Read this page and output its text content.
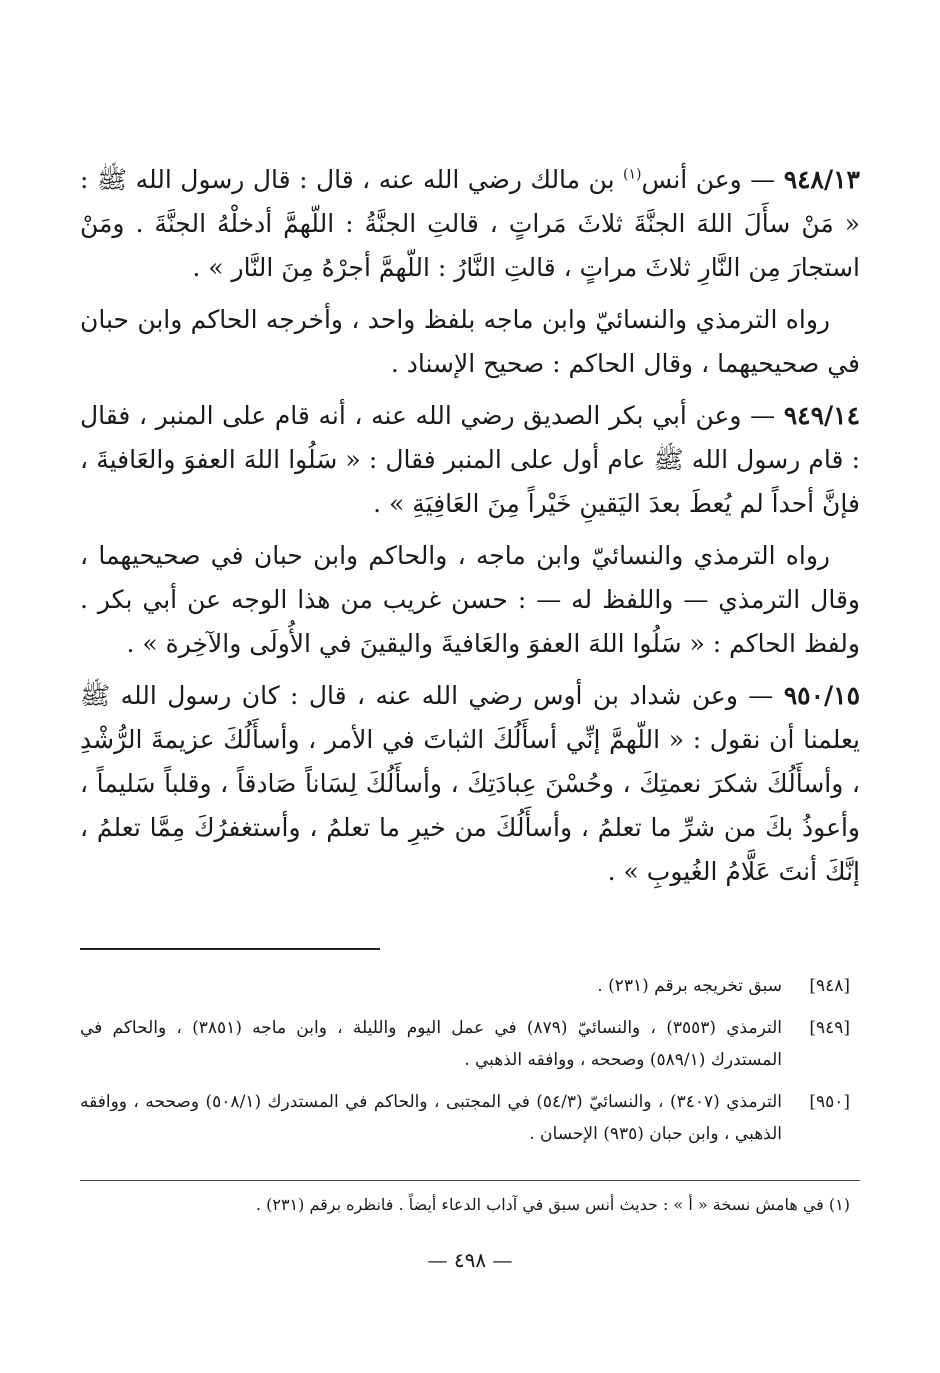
٩٤٨/١٣ — وعن أنس$^{(١)}$ بن مالك رضي الله عنه ، قال : قال رسول الله ﷺ : « مَنْ سأَلَ اللهَ الجنَّةَ ثلاثَ مَراتٍ ، قالتِ الجنَّةُ : اللّهمَّ أدخلْهُ الجنَّةَ . ومَنْ استجارَ مِن النَّارِ ثلاثَ مراتٍ ، قالتِ النَّارُ : اللّهمَّ أجرْهُ مِنَ النَّار » .

رواه الترمذي والنسائيّ وابن ماجه بلفظ واحد ، وأخرجه الحاكم وابن حبان في صحيحيهما ، وقال الحاكم : صحيح الإسناد .

٩٤٩/١٤ — وعن أبي بكر الصديق رضي الله عنه ، أنه قام على المنبر ، فقال : قام رسول الله ﷺ عام أول على المنبر فقال : « سَلُوا اللهَ العفوَ والعَافيةَ ، فإنَّ أحداً لم يُعطَ بعدَ اليَقينِ خَيْراً مِنَ العَافِيَةِ » .

رواه الترمذي والنسائيّ وابن ماجه ، والحاكم وابن حبان في صحيحيهما ، وقال الترمذي — واللفظ له — : حسن غريب من هذا الوجه عن أبي بكر . ولفظ الحاكم : « سَلُوا اللهَ العفوَ والعَافيةَ واليقينَ في الأُولَى والآخِرة » .

٩٥٠/١٥ — وعن شداد بن أوس رضي الله عنه ، قال : كان رسول الله ﷺ يعلمنا أن نقول : « اللّهمَّ إنِّي أسأَلُكَ الثباتَ في الأمر ، وأسأَلُكَ عزيمةَ الرُّشْدِ ، وأسأَلُكَ شكرَ نعمتِكَ ، وحُسْنَ عِبادَتِكَ ، وأسأَلُكَ لِسَاناً صَادقاً ، وقلباً سَليماً ، وأعوذُ بكَ من شرِّ ما تعلمُ ، وأسأَلُكَ من خيرِ ما تعلمُ ، وأستغفرُكَ مِمَّا تعلمُ ، إنَّكَ أنتَ عَلَّامُ الغُيوبِ » .

[٩٤٨]
سبق تخريجه برقم (٢٣١) .
[٩٤٩]
الترمذي (٣٥٥٣) ، والنسائيّ (٨٧٩) في عمل اليوم والليلة ، وابن ماجه (٣٨٥١) ، والحاكم في المستدرك (٥٨٩/١) وصححه ، ووافقه الذهبي .
[٩٥٠]
الترمذي (٣٤٠٧) ، والنسائيّ (٥٤/٣) في المجتبى ، والحاكم في المستدرك (٥٠٨/١) وصححه ، ووافقه الذهبي ، وابن حبان (٩٣٥) الإحسان .
(١) في هامش نسخة « أ » : حديث أنس سبق في آداب الدعاء أيضاً . فانظره برقم (٢٣١) .
— ٤٩٨ —
